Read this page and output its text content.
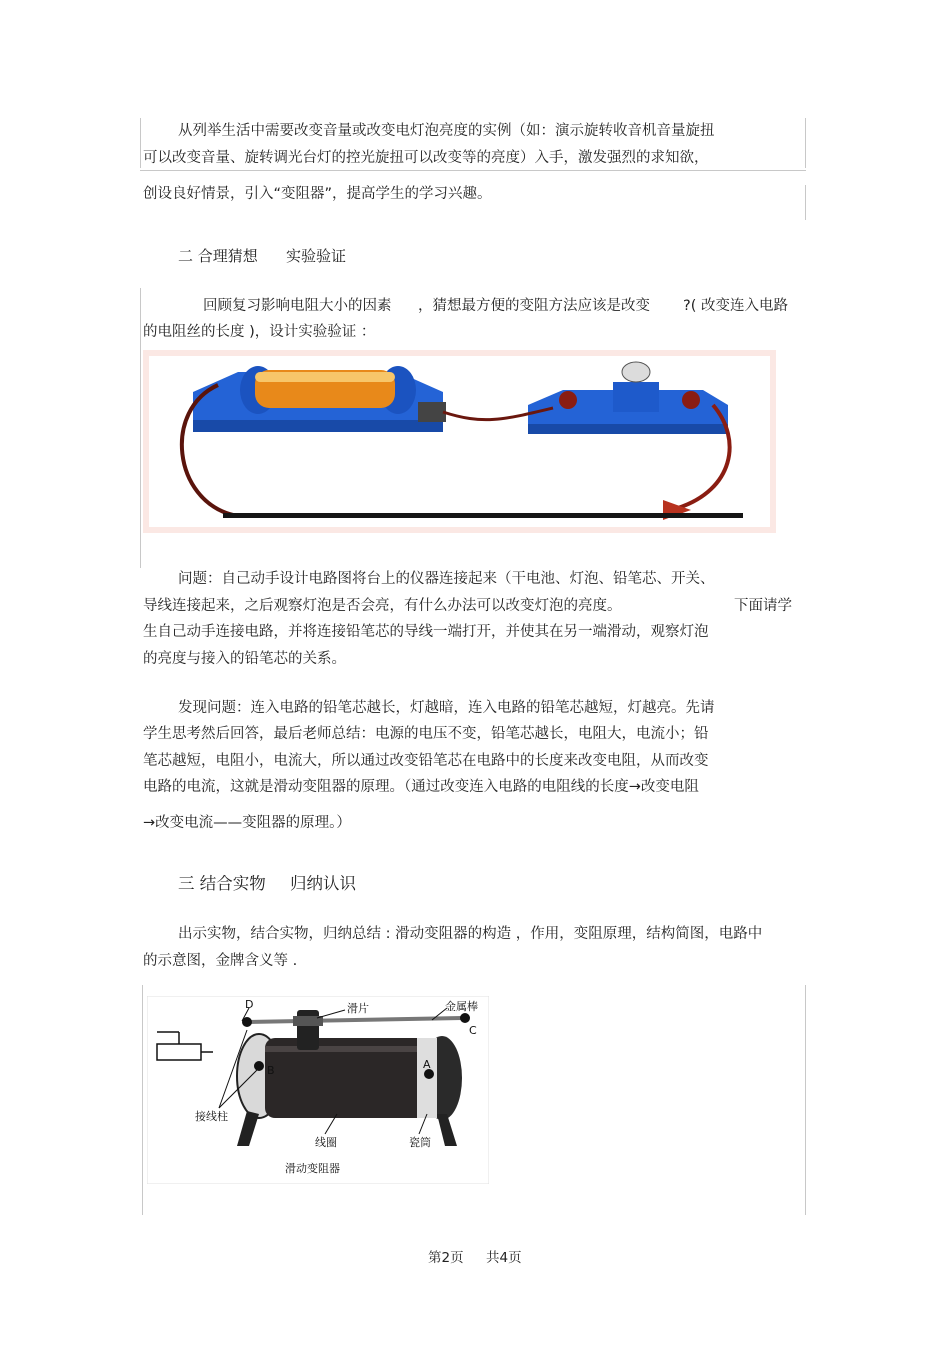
从列举生活中需要改变音量或改变电灯泡亮度的实例（如：演示旋转收音机音量旋扭
可以改变音量、旋转调光台灯的控光旋扭可以改变等的亮度）入手，激发强烈的求知欲，
创设良好情景，引入“变阻器”，提高学生的学习兴趣。
二 合理猜想 实验验证
回顾复习影响电阻大小的因素 ，猜想最方便的变阻方法应该是改变 ?( 改变连入电路
的电阻丝的长度 )，设计实验验证 ：
问题：自己动手设计电路图将台上的仪器连接起来（干电池、灯泡、铅笔芯、开关、
导线连接起来，之后观察灯泡是否会亮，有什么办法可以改变灯泡的亮度。	下面请学
生自己动手连接电路，并将连接铅笔芯的导线一端打开，并使其在另一端滑动，观察灯泡
的亮度与接入的铅笔芯的关系。
发现问题：连入电路的铅笔芯越长，灯越暗，连入电路的铅笔芯越短，灯越亮。先请
学生思考然后回答，最后老师总结：电源的电压不变，铅笔芯越长，电阻大，电流小；铅
笔芯越短，电阻小，电流大，所以通过改变铅笔芯在电路中的长度来改变电阻，从而改变
电路的电流，这就是滑动变阻器的原理。（通过改变连入电路的电阻线的长度→改变电阻
→改变电流——变阻器的原理。）
三 结合实物 归纳认识
出示实物，结合实物，归纳总结 : 滑动变阻器的构造 ，作用，变阻原理，结构简图，电路中
的示意图，金牌含义等 .
D	滑片	金属棒
C
B	A
接线柱
线圈	瓷筒
滑动变阻器
第2页 共4页
